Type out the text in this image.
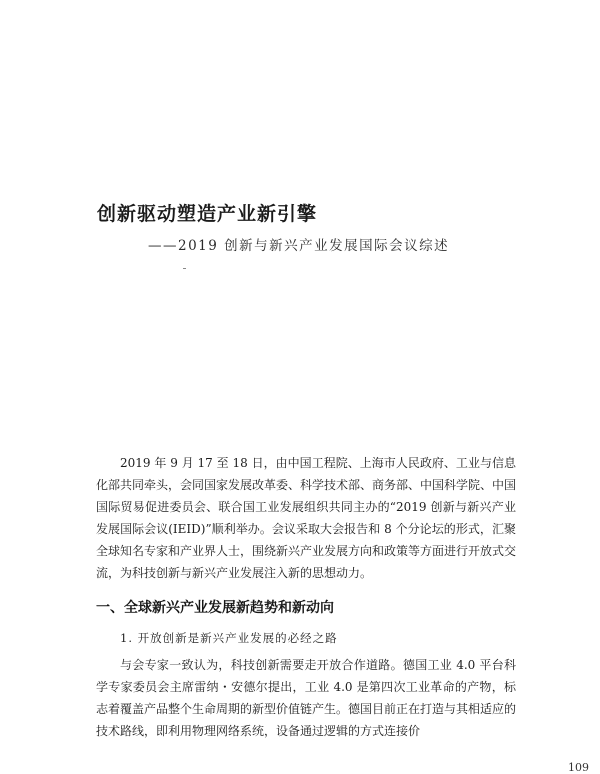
创新驱动塑造产业新引擎
——2019 创新与新兴产业发展国际会议综述

2019 年 9 月 17 至 18 日，由中国工程院、上海市人民政府、工业与信息化部共同牵头，会同国家发展改革委、科学技术部、商务部、中国科学院、中国国际贸易促进委员会、联合国工业发展组织共同主办的“2019 创新与新兴产业发展国际会议(IEID)”顺利举办。会议采取大会报告和 8 个分论坛的形式，汇聚全球知名专家和产业界人士，围绕新兴产业发展方向和政策等方面进行开放式交流，为科技创新与新兴产业发展注入新的思想动力。

一、全球新兴产业发展新趋势和新动向
1. 开放创新是新兴产业发展的必经之路

与会专家一致认为，科技创新需要走开放合作道路。德国工业 4.0 平台科学专家委员会主席雷纳・安德尔提出，工业 4.0 是第四次工业革命的产物，标志着覆盖产品整个生命周期的新型价值链产生。德国目前正在打造与其相适应的技术路线，即利用物理网络系统，设备通过逻辑的方式连接价

109
